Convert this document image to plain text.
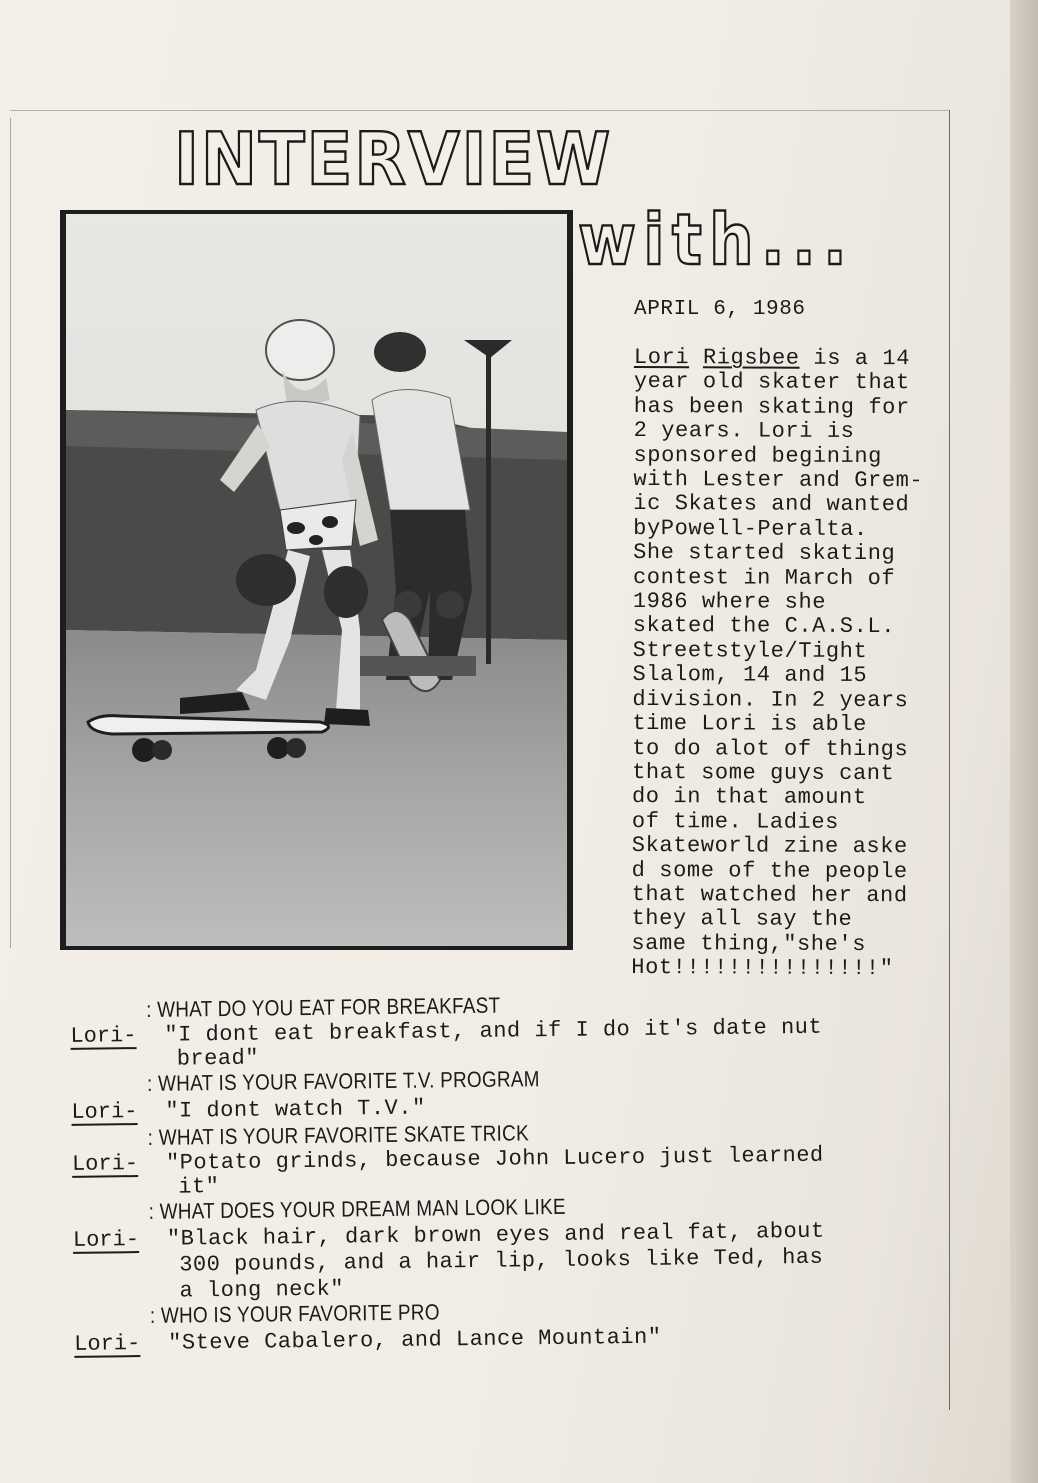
INTERVIEW
with...
APRIL 6, 1986
Lori Rigsbee is a 14
year old skater that
has been skating for
2 years. Lori is
sponsored begining
with Lester and Grem-
ic Skates and wanted
byPowell-Peralta.
She started skating
contest in March of
1986 where she
skated the C.A.S.L.
Streetstyle/Tight
Slalom, 14 and 15
division. In 2 years
time Lori is able
to do alot of things
that some guys cant
do in that amount
of time. Ladies
Skateworld zine aske
d some of the people
that watched her and
they all say the
same thing,"she's
Hot!!!!!!!!!!!!!!!"
: WHAT DO YOU EAT FOR BREAKFAST
Lori- "I dont eat breakfast, and if I do it's date nut
bread"
: WHAT IS YOUR FAVORITE T.V. PROGRAM
Lori- "I dont watch T.V."
: WHAT IS YOUR FAVORITE SKATE TRICK
Lori- "Potato grinds, because John Lucero just learned
it"
: WHAT DOES YOUR DREAM MAN LOOK LIKE
Lori- "Black hair, dark brown eyes and real fat, about
300 pounds, and a hair lip, looks like Ted, has
a long neck"
: WHO IS YOUR FAVORITE PRO
Lori- "Steve Cabalero, and Lance Mountain"
